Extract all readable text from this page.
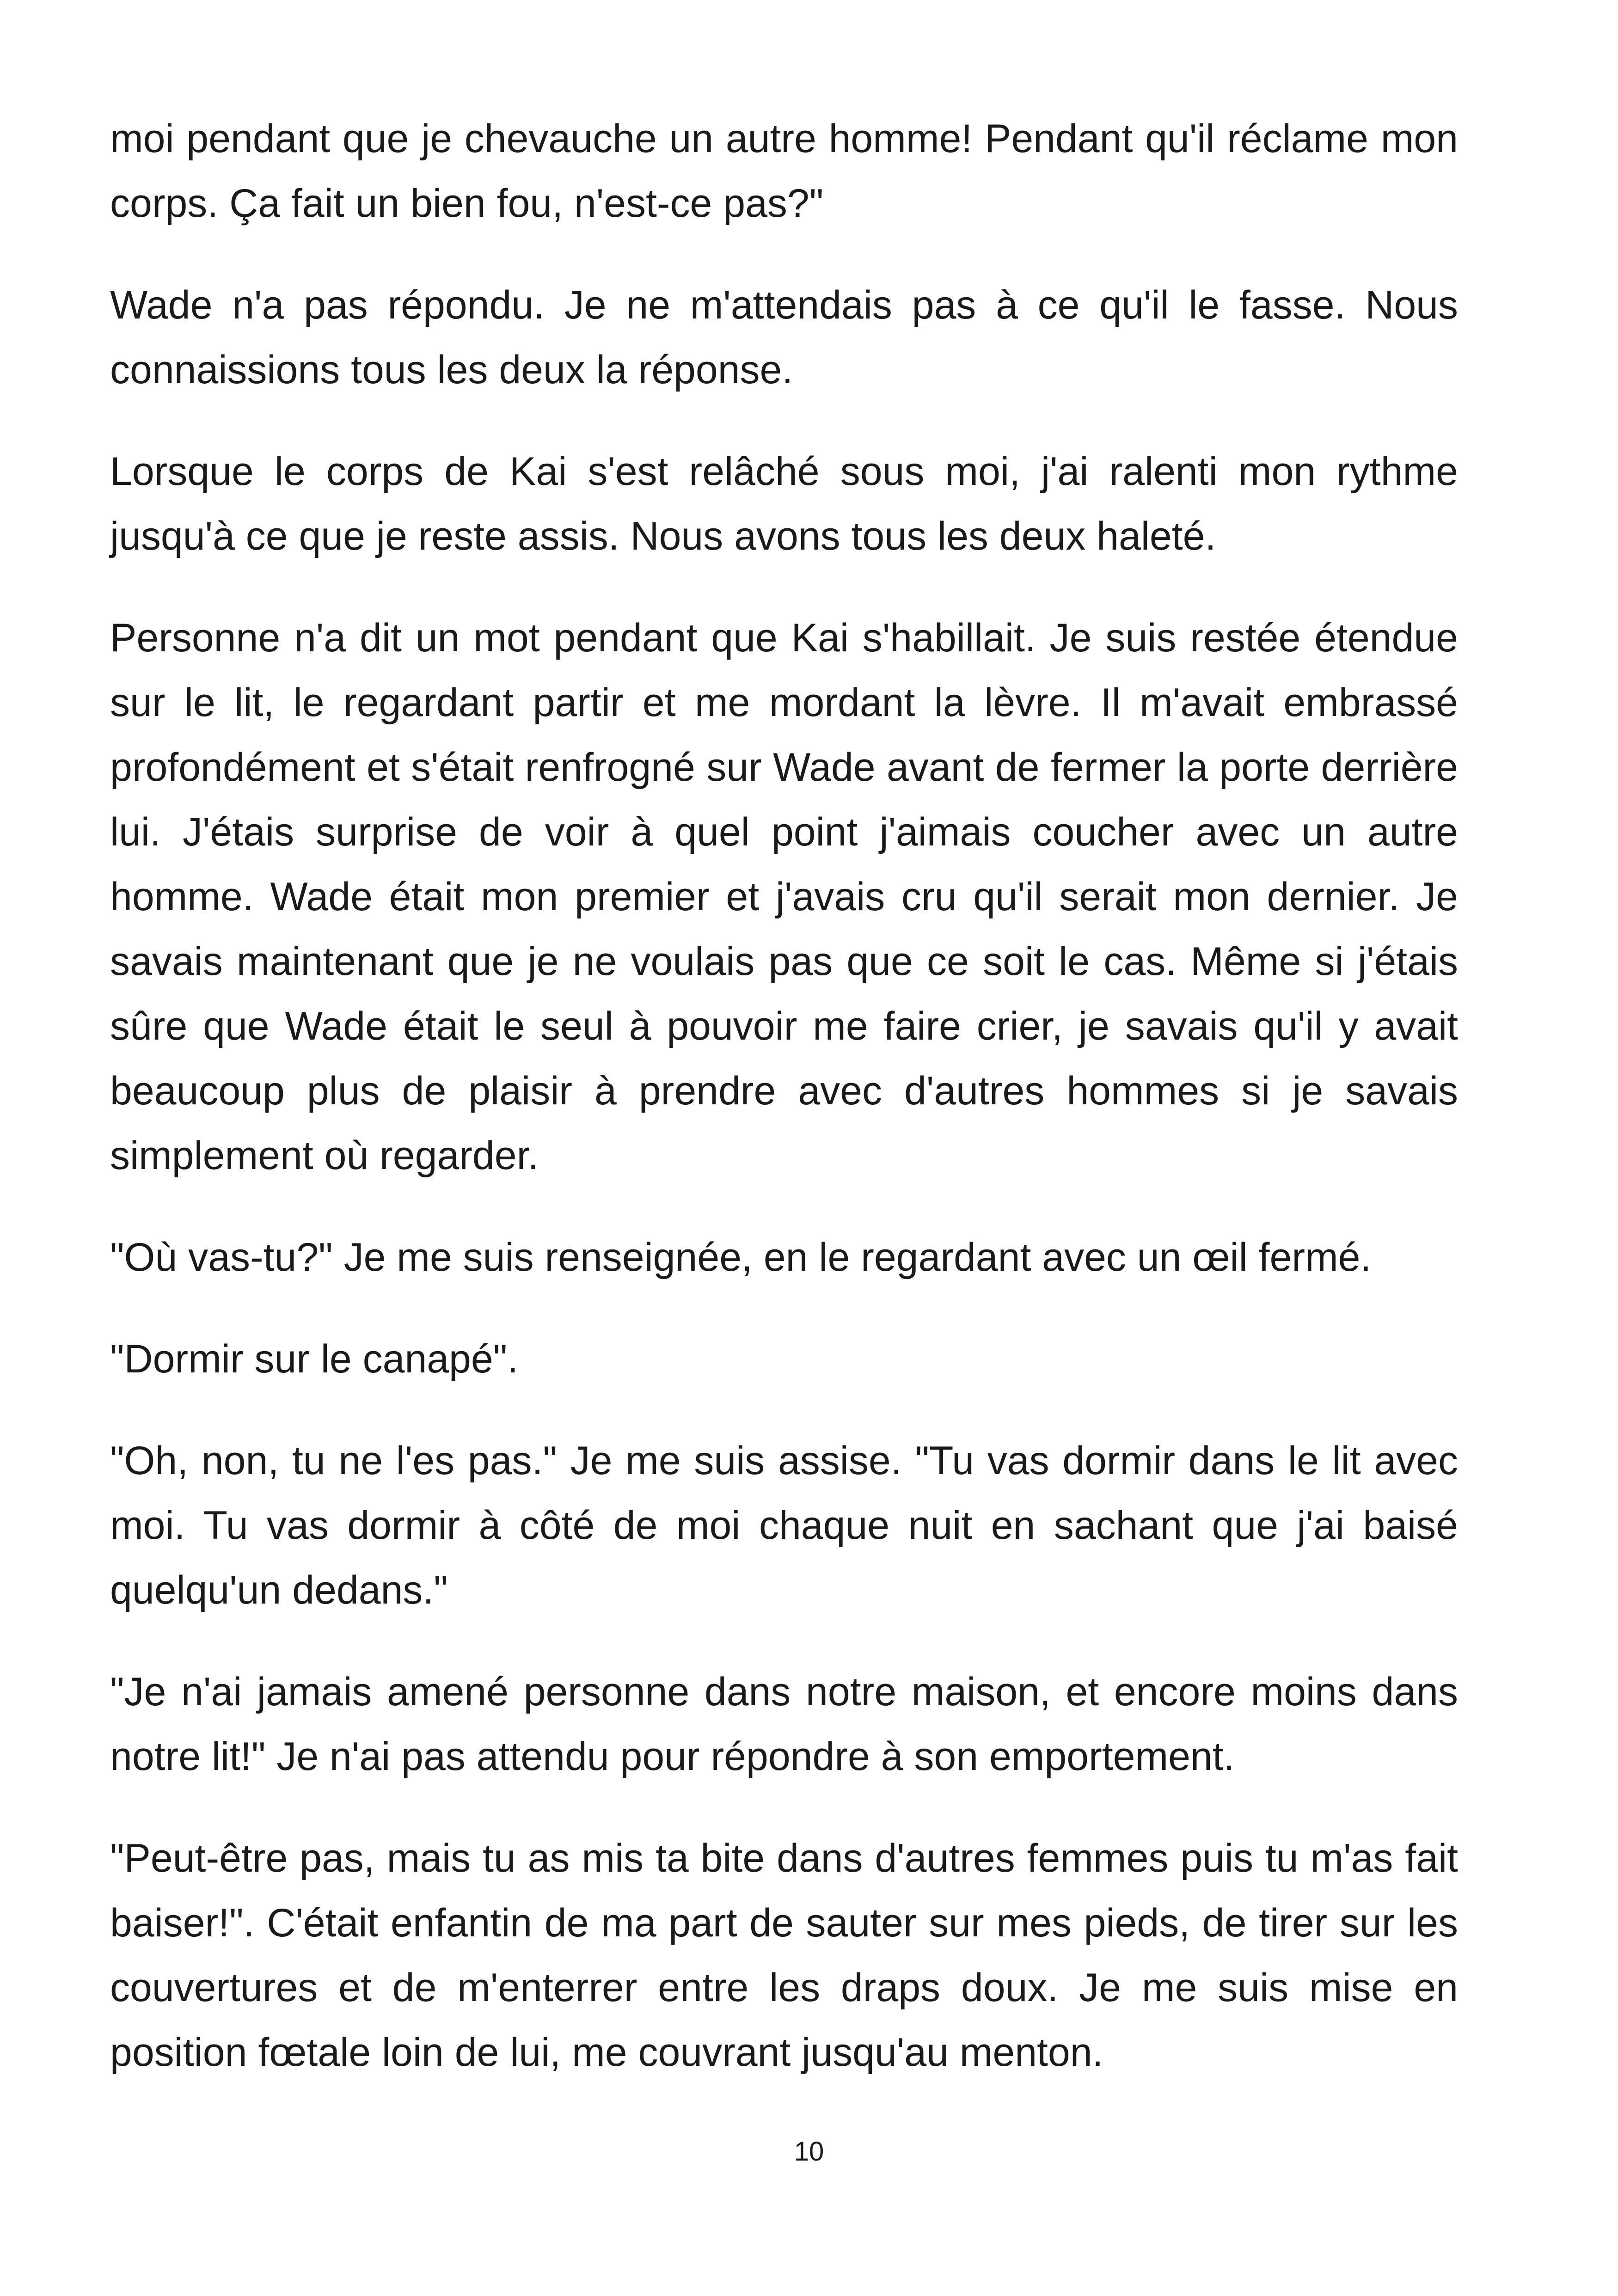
moi pendant que je chevauche un autre homme! Pendant qu'il réclame mon corps. Ça fait un bien fou, n'est-ce pas?"

Wade n'a pas répondu. Je ne m'attendais pas à ce qu'il le fasse. Nous connaissions tous les deux la réponse.

Lorsque le corps de Kai s'est relâché sous moi, j'ai ralenti mon rythme jusqu'à ce que je reste assis. Nous avons tous les deux haleté.

Personne n'a dit un mot pendant que Kai s'habillait. Je suis restée étendue sur le lit, le regardant partir et me mordant la lèvre. Il m'avait embrassé profondément et s'était renfrogné sur Wade avant de fermer la porte derrière lui. J'étais surprise de voir à quel point j'aimais coucher avec un autre homme. Wade était mon premier et j'avais cru qu'il serait mon dernier. Je savais maintenant que je ne voulais pas que ce soit le cas. Même si j'étais sûre que Wade était le seul à pouvoir me faire crier, je savais qu'il y avait beaucoup plus de plaisir à prendre avec d'autres hommes si je savais simplement où regarder.

"Où vas-tu?" Je me suis renseignée, en le regardant avec un œil fermé.

"Dormir sur le canapé".

"Oh, non, tu ne l'es pas." Je me suis assise. "Tu vas dormir dans le lit avec moi. Tu vas dormir à côté de moi chaque nuit en sachant que j'ai baisé quelqu'un dedans."

"Je n'ai jamais amené personne dans notre maison, et encore moins dans notre lit!" Je n'ai pas attendu pour répondre à son emportement.

"Peut-être pas, mais tu as mis ta bite dans d'autres femmes puis tu m'as fait baiser!". C'était enfantin de ma part de sauter sur mes pieds, de tirer sur les couvertures et de m'enterrer entre les draps doux. Je me suis mise en position fœtale loin de lui, me couvrant jusqu'au menton.

10
